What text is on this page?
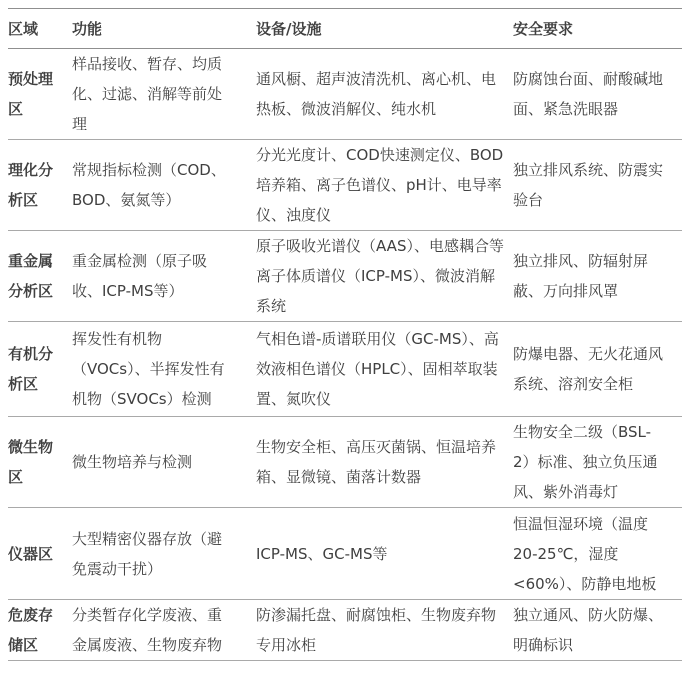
区域	功能	设备/设施	安全要求
预处理区	样品接收、暂存、均质化、过滤、消解等前处理	通风橱、超声波清洗机、离心机、电热板、微波消解仪、纯水机	防腐蚀台面、耐酸碱地面、紧急洗眼器
理化分析区	常规指标检测（COD、BOD、氨氮等）	分光光度计、COD快速测定仪、BOD培养箱、离子色谱仪、pH计、电导率仪、浊度仪	独立排风系统、防震实验台
重金属分析区	重金属检测（原子吸收、ICP-MS等）	原子吸收光谱仪（AAS）、电感耦合等离子体质谱仪（ICP-MS）、微波消解系统	独立排风、防辐射屏蔽、万向排风罩
有机分析区	挥发性有机物（VOCs）、半挥发性有机物（SVOCs）检测	气相色谱-质谱联用仪（GC-MS）、高效液相色谱仪（HPLC）、固相萃取装置、氮吹仪	防爆电器、无火花通风系统、溶剂安全柜
微生物区	微生物培养与检测	生物安全柜、高压灭菌锅、恒温培养箱、显微镜、菌落计数器	生物安全二级（BSL-2）标准、独立负压通风、紫外消毒灯
仪器区	大型精密仪器存放（避免震动干扰）	ICP-MS、GC-MS等	恒温恒湿环境（温度20-25℃，湿度<60%）、防静电地板
危废存储区	分类暂存化学废液、重金属废液、生物废弃物	防渗漏托盘、耐腐蚀柜、生物废弃物专用冰柜	独立通风、防火防爆、明确标识
